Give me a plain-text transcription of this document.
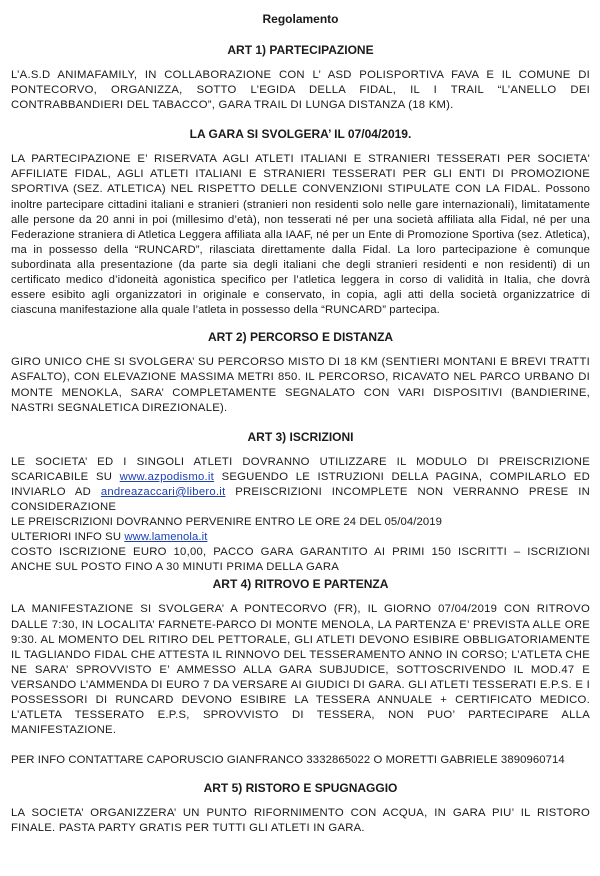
Regolamento
ART 1) PARTECIPAZIONE

L’A.S.D ANIMAFAMILY, IN COLLABORAZIONE CON L’ ASD POLISPORTIVA FAVA E IL COMUNE DI PONTECORVO, ORGANIZZA, SOTTO L’EGIDA DELLA FIDAL, IL I TRAIL “L’ANELLO DEI CONTRABBANDIERI DEL TABACCO”, GARA TRAIL DI LUNGA DISTANZA (18 KM).

LA GARA SI SVOLGERA’ IL 07/04/2019.

LA PARTECIPAZIONE E’ RISERVATA AGLI ATLETI ITALIANI E STRANIERI TESSERATI PER SOCIETA' AFFILIATE FIDAL, AGLI ATLETI ITALIANI E STRANIERI TESSERATI PER GLI ENTI DI PROMOZIONE SPORTIVA (SEZ. ATLETICA) NEL RISPETTO DELLE CONVENZIONI STIPULATE CON LA FIDAL. Possono inoltre partecipare cittadini italiani e stranieri (stranieri non residenti solo nelle gare internazionali), limitatamente alle persone da 20 anni in poi (millesimo d’età), non tesserati né per una società affiliata alla Fidal, né per una Federazione straniera di Atletica Leggera affiliata alla IAAF, né per un Ente di Promozione Sportiva (sez. Atletica), ma in possesso della “RUNCARD”, rilasciata direttamente dalla Fidal. La loro partecipazione è comunque subordinata alla presentazione (da parte sia degli italiani che degli stranieri residenti e non residenti) di un certificato medico d’idoneità agonistica specifico per l’atletica leggera in corso di validità in Italia, che dovrà essere esibito agli organizzatori in originale e conservato, in copia, agli atti della società organizzatrice di ciascuna manifestazione alla quale l’atleta in possesso della “RUNCARD” partecipa.

ART 2) PERCORSO E DISTANZA

GIRO UNICO CHE SI SVOLGERA’ SU PERCORSO MISTO DI 18 KM (SENTIERI MONTANI E BREVI TRATTI ASFALTO), CON ELEVAZIONE MASSIMA METRI 850. IL PERCORSO, RICAVATO NEL PARCO URBANO DI MONTE MENOKLA, SARA’ COMPLETAMENTE SEGNALATO CON VARI DISPOSITIVI (BANDIERINE, NASTRI SEGNALETICA DIREZIONALE).

ART 3) ISCRIZIONI

LE SOCIETA’ ED I SINGOLI ATLETI DOVRANNO UTILIZZARE IL MODULO DI PREISCRIZIONE SCARICABILE SU www.azpodismo.it SEGUENDO LE ISTRUZIONI DELLA PAGINA, COMPILARLO ED INVIARLO AD andreazaccari@libero.it PREISCRIZIONI INCOMPLETE NON VERRANNO PRESE IN CONSIDERAZIONE

LE PREISCRIZIONI DOVRANNO PERVENIRE ENTRO LE ORE 24 DEL 05/04/2019

ULTERIORI INFO SU www.lamenola.it

COSTO ISCRIZIONE EURO 10,00, PACCO GARA GARANTITO AI PRIMI 150 ISCRITTI – ISCRIZIONI ANCHE SUL POSTO FINO A 30 MINUTI PRIMA DELLA GARA

ART 4) RITROVO E PARTENZA

LA MANIFESTAZIONE SI SVOLGERA’ A PONTECORVO (FR), IL GIORNO 07/04/2019 CON RITROVO DALLE 7:30, IN LOCALITA’ FARNETE-PARCO DI MONTE MENOLA, LA PARTENZA E’ PREVISTA ALLE ORE 9:30. AL MOMENTO DEL RITIRO DEL PETTORALE, GLI ATLETI DEVONO ESIBIRE OBBLIGATORIAMENTE IL TAGLIANDO FIDAL CHE ATTESTA IL RINNOVO DEL TESSERAMENTO ANNO IN CORSO; L’ATLETA CHE NE SARA’ SPROVVISTO E’ AMMESSO ALLA GARA SUBJUDICE, SOTTOSCRIVENDO IL MOD.47 E VERSANDO L’AMMENDA DI EURO 7 DA VERSARE AI GIUDICI DI GARA. GLI ATLETI TESSERATI E.P.S. E I POSSESSORI DI RUNCARD DEVONO ESIBIRE LA TESSERA ANNUALE + CERTIFICATO MEDICO. L’ATLETA TESSERATO E.P.S, SPROVVISTO DI TESSERA, NON PUO’ PARTECIPARE ALLA MANIFESTAZIONE.

PER INFO CONTATTARE CAPORUSCIO GIANFRANCO 3332865022 O MORETTI GABRIELE 3890960714

ART 5) RISTORO E SPUGNAGGIO

LA SOCIETA’ ORGANIZZERA’ UN PUNTO RIFORNIMENTO CON ACQUA, IN GARA PIU’ IL RISTORO FINALE. PASTA PARTY GRATIS PER TUTTI GLI ATLETI IN GARA.
